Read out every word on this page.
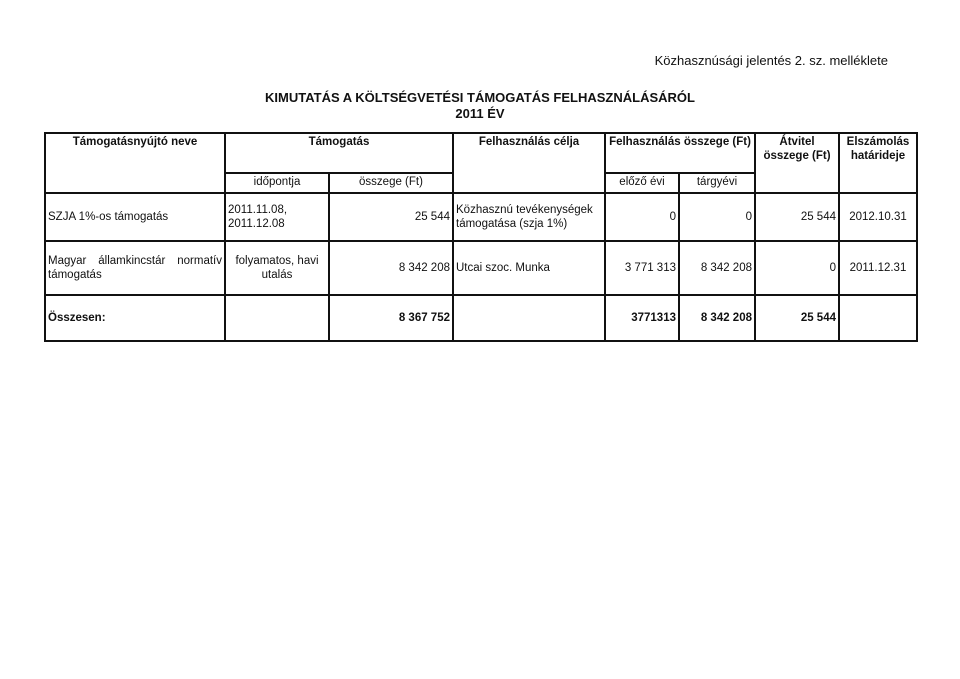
Közhasznúsági jelentés 2. sz. melléklete
KIMUTATÁS A KÖLTSÉGVETÉSI TÁMOGATÁS FELHASZNÁLÁSÁRÓL
2011 ÉV
Támogatásnyújtó neve	Támogatás		Felhasználás célja	Felhasználás összege (Ft)		Átvitel összege (Ft)	Elszámolás határideje
	időpontja	összege (Ft)		előző évi	tárgyévi		
SZJA 1%-os támogatás	2011.11.08, 2011.12.08	25 544	Közhasznú tevékenységek támogatása (szja 1%)	0	0	25 544	2012.10.31

Magyar államkincstár normatív
támogatás	folyamatos, havi utalás	8 342 208	Utcai szoc. Munka	3 771 313	8 342 208	0	2011.12.31
Összesen:		8 367 752		3771313	8 342 208	25 544	
